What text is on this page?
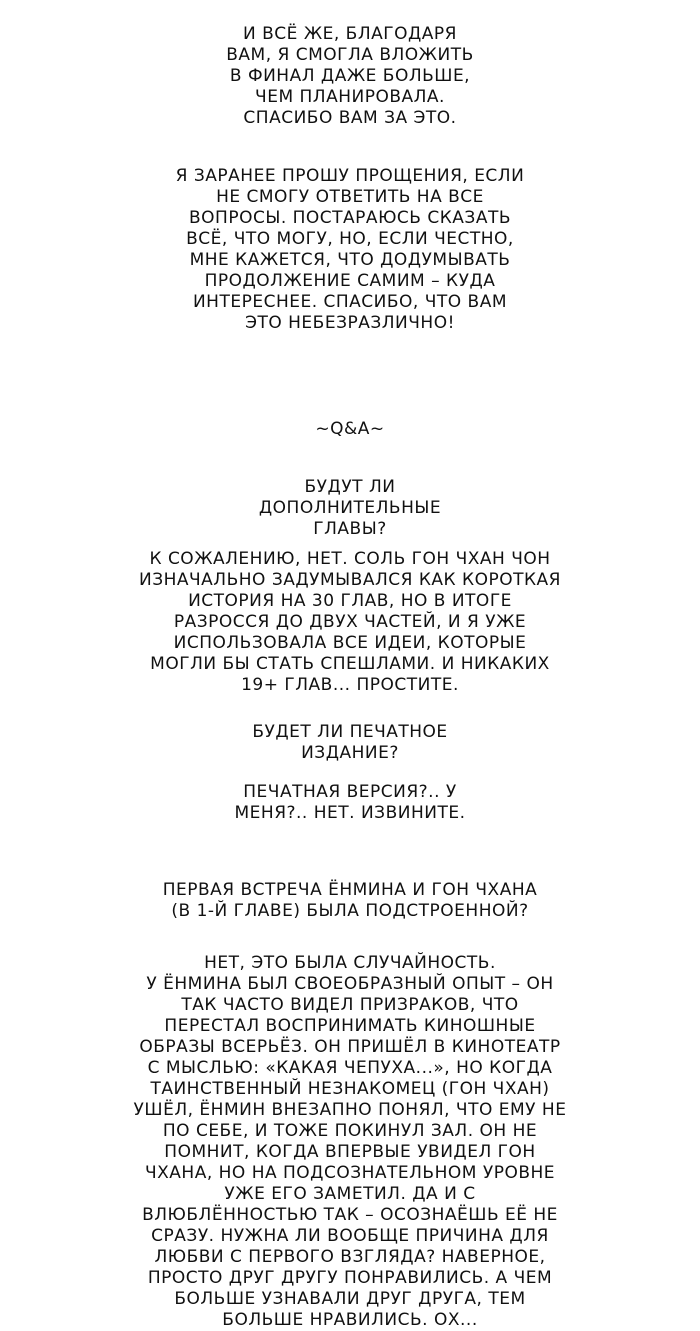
И ВСЁ ЖЕ, БЛАГОДАРЯ
ВАМ, Я СМОГЛА ВЛОЖИТЬ
В ФИНАЛ ДАЖЕ БОЛЬШЕ,
ЧЕМ ПЛАНИРОВАЛА.
СПАСИБО ВАМ ЗА ЭТО.

Я ЗАРАНЕЕ ПРОШУ ПРОЩЕНИЯ, ЕСЛИ
НЕ СМОГУ ОТВЕТИТЬ НА ВСЕ
ВОПРОСЫ. ПОСТАРАЮСЬ СКАЗАТЬ
ВСЁ, ЧТО МОГУ, НО, ЕСЛИ ЧЕСТНО,
МНЕ КАЖЕТСЯ, ЧТО ДОДУМЫВАТЬ
ПРОДОЛЖЕНИЕ САМИМ – КУДА
ИНТЕРЕСНЕЕ. СПАСИБО, ЧТО ВАМ
ЭТО НЕБЕЗРАЗЛИЧНО!

~Q&A~

БУДУТ ЛИ
ДОПОЛНИТЕЛЬНЫЕ
ГЛАВЫ?

К СОЖАЛЕНИЮ, НЕТ. СОЛЬ ГОН ЧХАН ЧОН
ИЗНАЧАЛЬНО ЗАДУМЫВАЛСЯ КАК КОРОТКАЯ
ИСТОРИЯ НА 30 ГЛАВ, НО В ИТОГЕ
РАЗРОССЯ ДО ДВУХ ЧАСТЕЙ, И Я УЖЕ
ИСПОЛЬЗОВАЛА ВСЕ ИДЕИ, КОТОРЫЕ
МОГЛИ БЫ СТАТЬ СПЕШЛАМИ. И НИКАКИХ
19+ ГЛАВ... ПРОСТИТЕ.

БУДЕТ ЛИ ПЕЧАТНОЕ
ИЗДАНИЕ?

ПЕЧАТНАЯ ВЕРСИЯ?.. У
МЕНЯ?.. НЕТ. ИЗВИНИТЕ.

ПЕРВАЯ ВСТРЕЧА ЁНМИНА И ГОН ЧХАНА
(В 1-Й ГЛАВЕ) БЫЛА ПОДСТРОЕННОЙ?

НЕТ, ЭТО БЫЛА СЛУЧАЙНОСТЬ.
У ЁНМИНА БЫЛ СВОЕОБРАЗНЫЙ ОПЫТ – ОН
ТАК ЧАСТО ВИДЕЛ ПРИЗРАКОВ, ЧТО
ПЕРЕСТАЛ ВОСПРИНИМАТЬ КИНОШНЫЕ
ОБРАЗЫ ВСЕРЬЁЗ. ОН ПРИШЁЛ В КИНОТЕАТР
С МЫСЛЬЮ: «КАКАЯ ЧЕПУХА...», НО КОГДА
ТАИНСТВЕННЫЙ НЕЗНАКОМЕЦ (ГОН ЧХАН)
УШЁЛ, ЁНМИН ВНЕЗАПНО ПОНЯЛ, ЧТО ЕМУ НЕ
ПО СЕБЕ, И ТОЖЕ ПОКИНУЛ ЗАЛ. ОН НЕ
ПОМНИТ, КОГДА ВПЕРВЫЕ УВИДЕЛ ГОН
ЧХАНА, НО НА ПОДСОЗНАТЕЛЬНОМ УРОВНЕ
УЖЕ ЕГО ЗАМЕТИЛ. ДА И С
ВЛЮБЛЁННОСТЬЮ ТАК – ОСОЗНАЁШЬ ЕЁ НЕ
СРАЗУ. НУЖНА ЛИ ВООБЩЕ ПРИЧИНА ДЛЯ
ЛЮБВИ С ПЕРВОГО ВЗГЛЯДА? НАВЕРНОЕ,
ПРОСТО ДРУГ ДРУГУ ПОНРАВИЛИСЬ. А ЧЕМ
БОЛЬШЕ УЗНАВАЛИ ДРУГ ДРУГА, ТЕМ
БОЛЬШЕ НРАВИЛИСЬ. ОХ...
